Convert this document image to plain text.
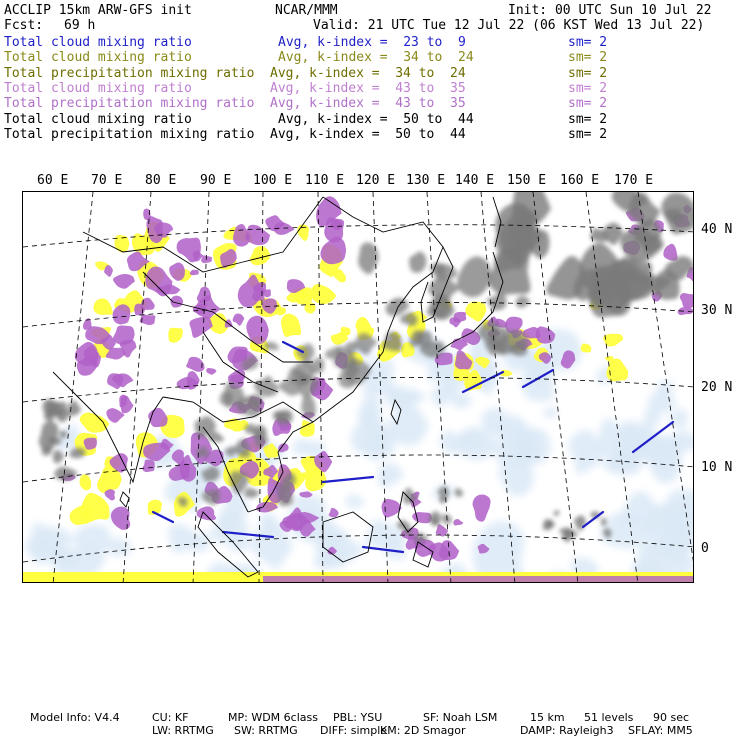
ACCLIP 15km ARW-GFS init	NCAR/MMM	Init: 00 UTC Sun 10 Jul 22
Fcst: 69 h	Valid: 21 UTC Tue 12 Jul 22 (06 KST Wed 13 Jul 22)
Total cloud mixing ratio	Avg, k-index =  23 to  9	sm= 2
Total cloud mixing ratio	Avg, k-index =  34 to  24	sm= 2
Total precipitation mixing ratio Avg, k-index =  34 to  24	sm= 2
Total cloud mixing ratio	Avg, k-index =  43 to  35	sm= 2
Total precipitation mixing ratio Avg, k-index =  43 to  35	sm= 2
Total cloud mixing ratio	Avg, k-index =  50 to  44	sm= 2
Total precipitation mixing ratio Avg, k-index =  50 to  44	sm= 2
60 E 70 E 80 E 90 E 100 E 110 E 120 E 130 E 140 E 150 E 160 E 170 E
40 N
30 N
20 N
10 N
0
Model Info: V4.4	CU: KF	MP: WDM 6class PBL: YSU	SF: Noah LSM	15 km 51 levels 90 sec
LW: RRTMG SW: RRTMG DIFF: simple
KM: 2D Smagor	DAMP: Rayleigh3 SFLAY: MM5
